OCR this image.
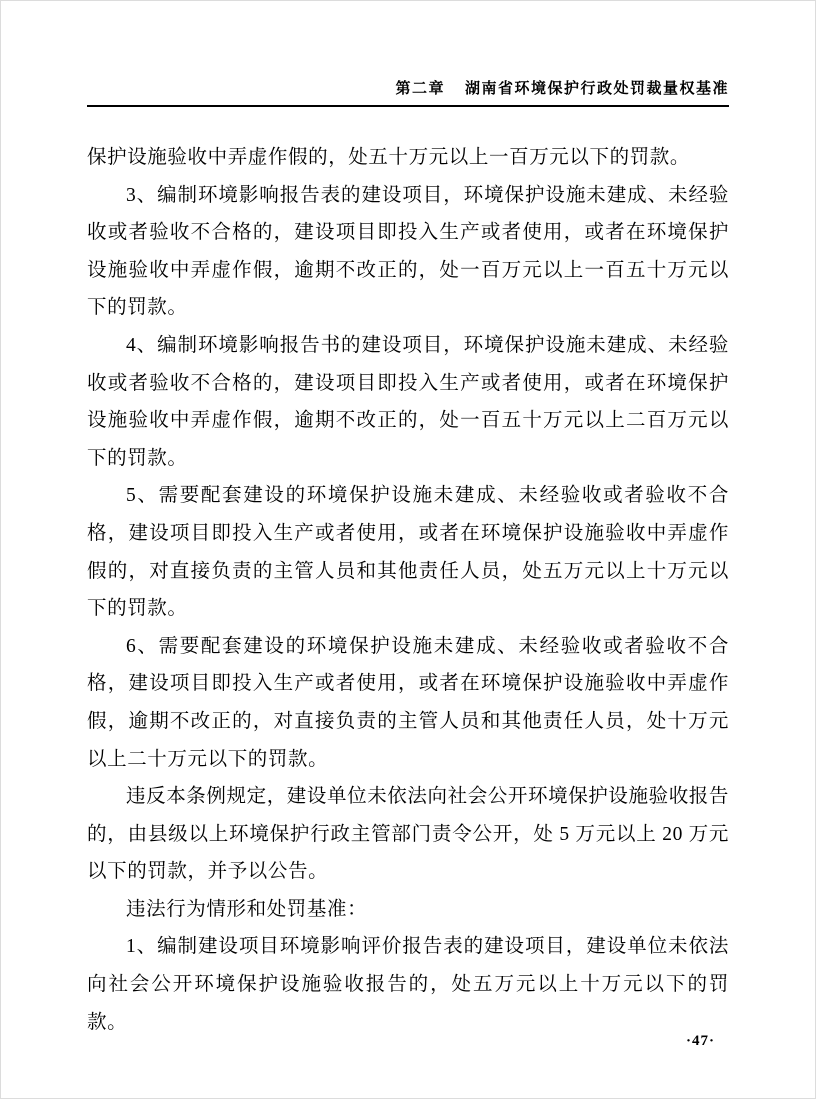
第二章 湖南省环境保护行政处罚裁量权基准

保护设施验收中弄虚作假的，处五十万元以上一百万元以下的罚款。

3、编制环境影响报告表的建设项目，环境保护设施未建成、未经验收或者验收不合格的，建设项目即投入生产或者使用，或者在环境保护设施验收中弄虚作假，逾期不改正的，处一百万元以上一百五十万元以下的罚款。

4、编制环境影响报告书的建设项目，环境保护设施未建成、未经验收或者验收不合格的，建设项目即投入生产或者使用，或者在环境保护设施验收中弄虚作假，逾期不改正的，处一百五十万元以上二百万元以下的罚款。

5、需要配套建设的环境保护设施未建成、未经验收或者验收不合格，建设项目即投入生产或者使用，或者在环境保护设施验收中弄虚作假的，对直接负责的主管人员和其他责任人员，处五万元以上十万元以下的罚款。

6、需要配套建设的环境保护设施未建成、未经验收或者验收不合格，建设项目即投入生产或者使用，或者在环境保护设施验收中弄虚作假，逾期不改正的，对直接负责的主管人员和其他责任人员，处十万元以上二十万元以下的罚款。

违反本条例规定，建设单位未依法向社会公开环境保护设施验收报告的，由县级以上环境保护行政主管部门责令公开，处 5 万元以上 20 万元以下的罚款，并予以公告。

违法行为情形和处罚基准：

1、编制建设项目环境影响评价报告表的建设项目，建设单位未依法向社会公开环境保护设施验收报告的，处五万元以上十万元以下的罚款。

·47·
